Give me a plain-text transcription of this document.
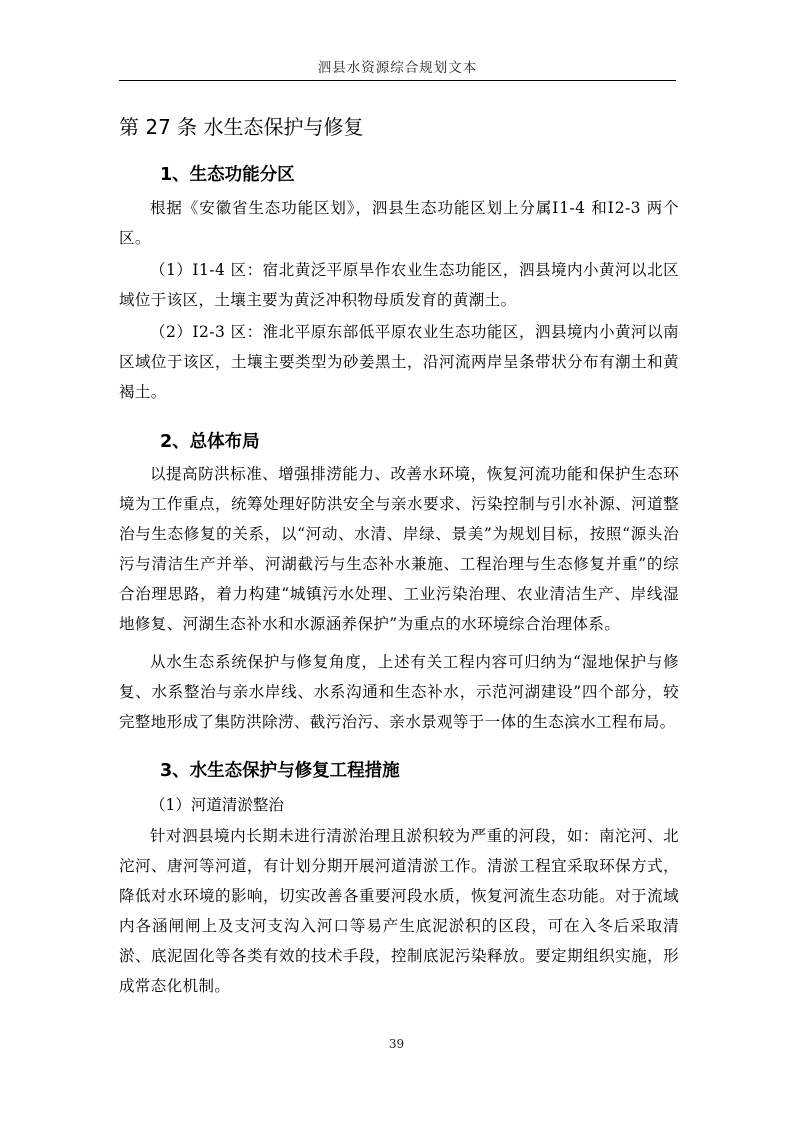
泗县水资源综合规划文本
第 27 条 水生态保护与修复
1、生态功能分区
根据《安徽省生态功能区划》，泗县生态功能区划上分属Ⅰ1-4 和Ⅰ2-3 两个区。
（1）Ⅰ1-4 区：宿北黄泛平原旱作农业生态功能区，泗县境内小黄河以北区域位于该区，土壤主要为黄泛冲积物母质发育的黄潮土。
（2）Ⅰ2-3 区：淮北平原东部低平原农业生态功能区，泗县境内小黄河以南区域位于该区，土壤主要类型为砂姜黑土，沿河流两岸呈条带状分布有潮土和黄褐土。
2、总体布局
以提高防洪标准、增强排涝能力、改善水环境，恢复河流功能和保护生态环境为工作重点，统筹处理好防洪安全与亲水要求、污染控制与引水补源、河道整治与生态修复的关系，以“河动、水清、岸绿、景美”为规划目标，按照“源头治污与清洁生产并举、河湖截污与生态补水兼施、工程治理与生态修复并重”的综合治理思路，着力构建“城镇污水处理、工业污染治理、农业清洁生产、岸线湿地修复、河湖生态补水和水源涵养保护”为重点的水环境综合治理体系。
从水生态系统保护与修复角度，上述有关工程内容可归纳为“湿地保护与修复、水系整治与亲水岸线、水系沟通和生态补水，示范河湖建设”四个部分，较完整地形成了集防洪除涝、截污治污、亲水景观等于一体的生态滨水工程布局。
3、水生态保护与修复工程措施
（1）河道清淤整治
针对泗县境内长期未进行清淤治理且淤积较为严重的河段，如：南沱河、北沱河、唐河等河道，有计划分期开展河道清淤工作。清淤工程宜采取环保方式，降低对水环境的影响，切实改善各重要河段水质，恢复河流生态功能。对于流域内各涵闸闸上及支河支沟入河口等易产生底泥淤积的区段，可在入冬后采取清淤、底泥固化等各类有效的技术手段，控制底泥污染释放。要定期组织实施，形成常态化机制。
39
